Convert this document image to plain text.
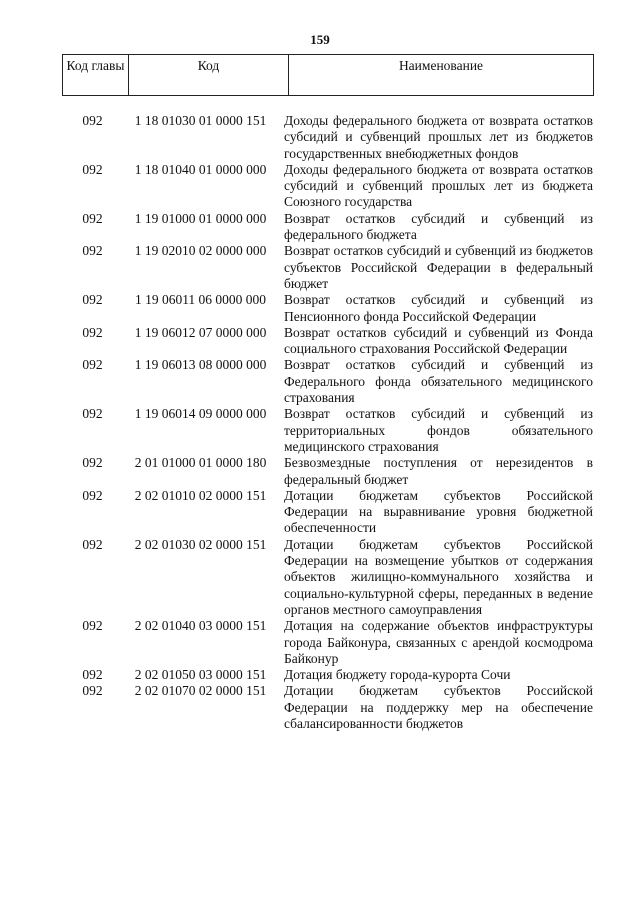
159
Код главы	Код	Наименование
092	1 18 01030 01 0000 151	Доходы федерального бюджета от возврата остатков субсидий и субвенций прошлых лет из бюджетов государственных внебюджетных фондов
092	1 18 01040 01 0000 000	Доходы федерального бюджета от возврата остатков субсидий и субвенций прошлых лет из бюджета Союзного государства
092	1 19 01000 01 0000 000	Возврат остатков субсидий и субвенций из федерального бюджета
092	1 19 02010 02 0000 000	Возврат остатков субсидий и субвенций из бюджетов субъектов Российской Федерации в федеральный бюджет
092	1 19 06011 06 0000 000	Возврат остатков субсидий и субвенций из Пенсионного фонда Российской Федерации
092	1 19 06012 07 0000 000	Возврат остатков субсидий и субвенций из Фонда социального страхования Российской Федерации
092	1 19 06013 08 0000 000	Возврат остатков субсидий и субвенций из Федерального фонда обязательного медицинского страхования
092	1 19 06014 09 0000 000	Возврат остатков субсидий и субвенций из территориальных фондов обязательного медицинского страхования
092	2 01 01000 01 0000 180	Безвозмездные поступления от нерезидентов в федеральный бюджет
092	2 02 01010 02 0000 151	Дотации бюджетам субъектов Российской Федерации на выравнивание уровня бюджетной обеспеченности
092	2 02 01030 02 0000 151	Дотации бюджетам субъектов Российской Федерации на возмещение убытков от содержания объектов жилищно-коммунального хозяйства и социально-культурной сферы, переданных в ведение органов местного самоуправления
092	2 02 01040 03 0000 151	Дотация на содержание объектов инфраструктуры города Байконура, связанных с арендой космодрома Байконур
092	2 02 01050 03 0000 151	Дотация бюджету города-курорта Сочи
092	2 02 01070 02 0000 151	Дотации бюджетам субъектов Российской Федерации на поддержку мер на обеспечение сбалансированности бюджетов
